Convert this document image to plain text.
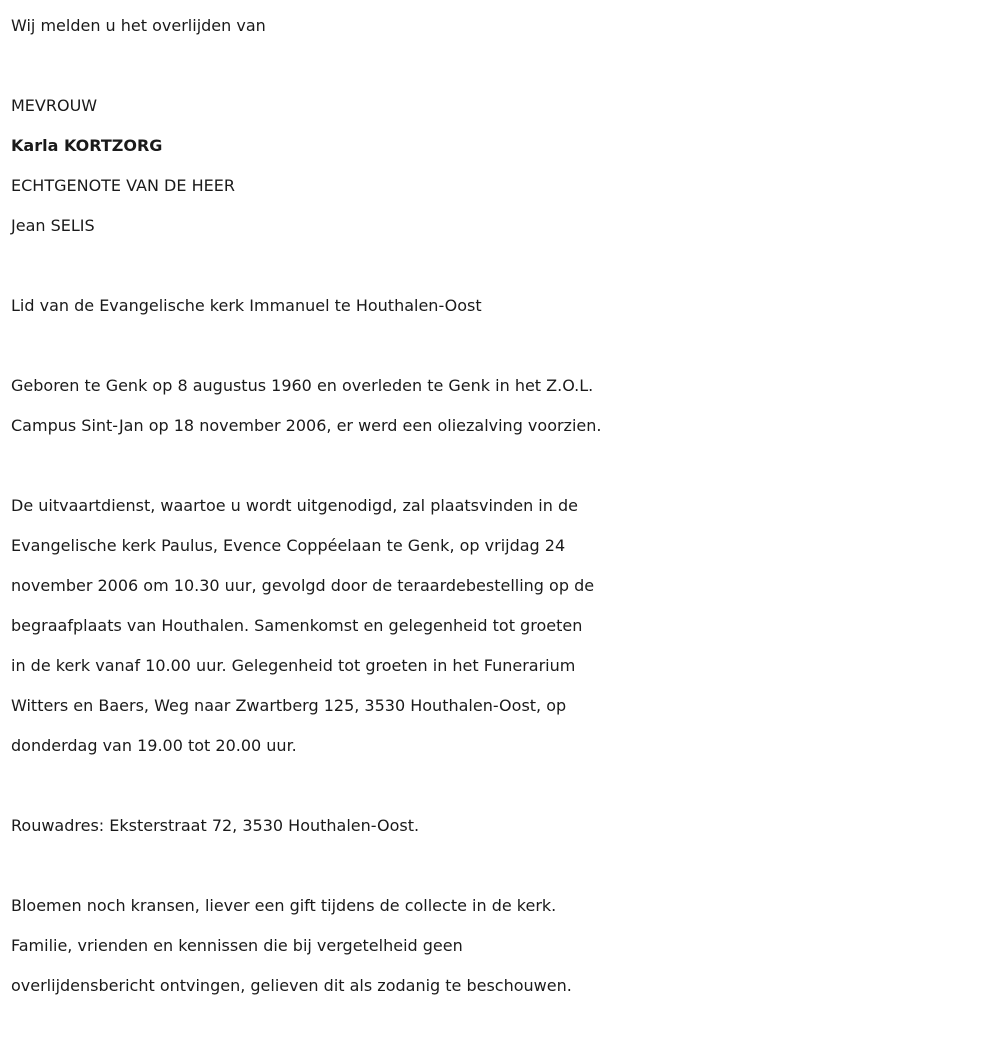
Wij melden u het overlijden van

MEVROUW

Karla KORTZORG

ECHTGENOTE VAN DE HEER

Jean SELIS

Lid van de Evangelische kerk Immanuel te Houthalen-Oost

Geboren te Genk op 8 augustus 1960 en overleden te Genk in het Z.O.L.

Campus Sint-Jan op 18 november 2006, er werd een oliezalving voorzien.

De uitvaartdienst, waartoe u wordt uitgenodigd, zal plaatsvinden in de

Evangelische kerk Paulus, Evence Coppéelaan te Genk, op vrijdag 24

november 2006 om 10.30 uur, gevolgd door de teraardebestelling op de

begraafplaats van Houthalen. Samenkomst en gelegenheid tot groeten

in de kerk vanaf 10.00 uur. Gelegenheid tot groeten in het Funerarium

Witters en Baers, Weg naar Zwartberg 125, 3530 Houthalen-Oost, op

donderdag van 19.00 tot 20.00 uur.

Rouwadres: Eksterstraat 72, 3530 Houthalen-Oost.

Bloemen noch kransen, liever een gift tijdens de collecte in de kerk.

Familie, vrienden en kennissen die bij vergetelheid geen

overlijdensbericht ontvingen, gelieven dit als zodanig te beschouwen.
